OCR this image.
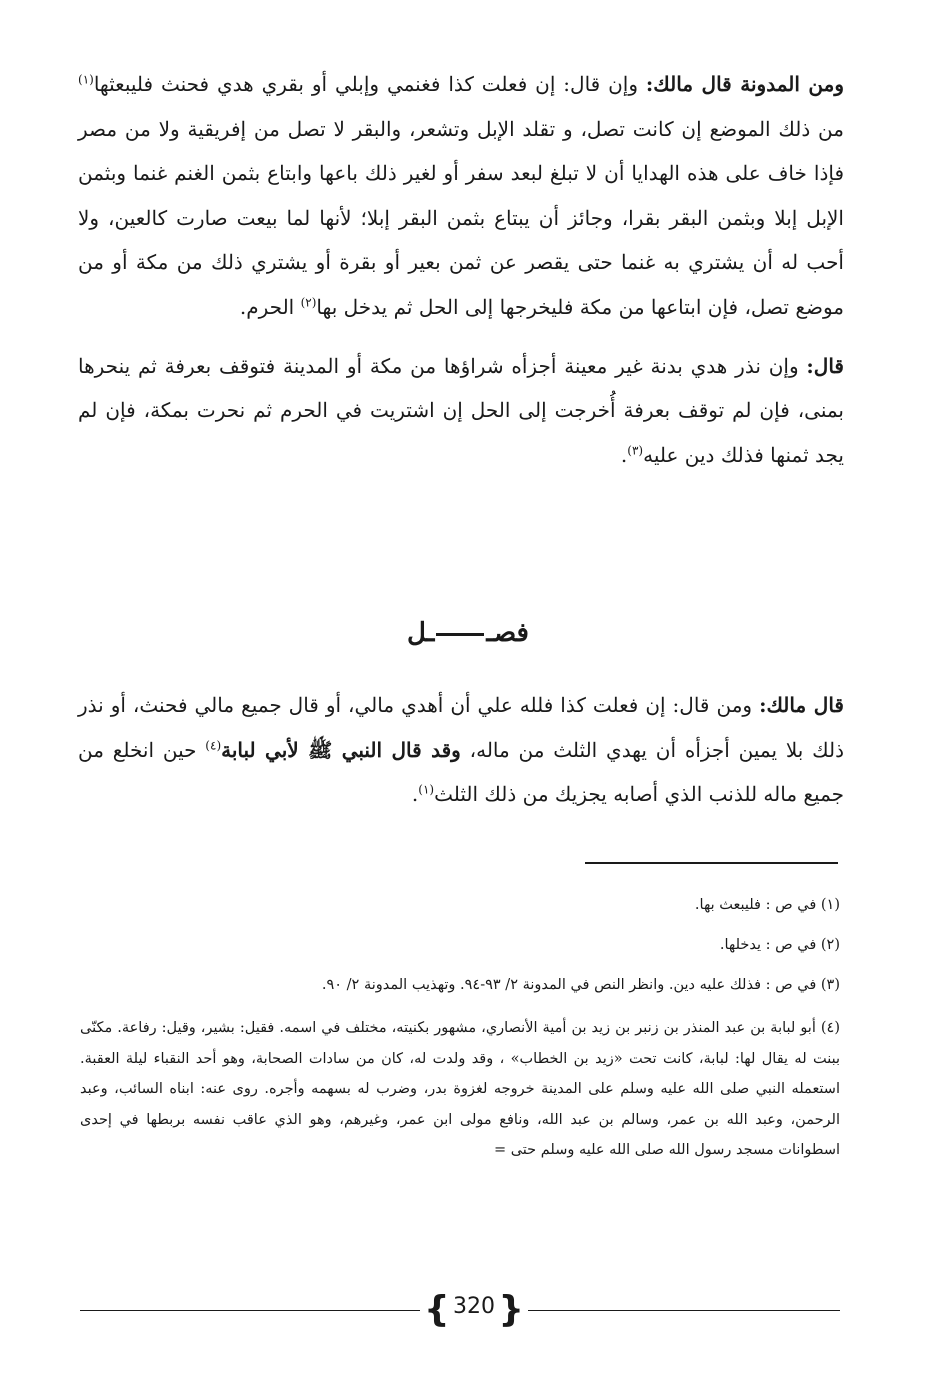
ومن المدونة قال مالك: وإن قال: إن فعلت كذا فغنمي وإبلي أو بقري هدي فحنث فليبعثها$^{(١)}$ من ذلك الموضع إن كانت تصل، و تقلد الإبل وتشعر، والبقر لا تصل من إفريقية ولا من مصر فإذا خاف على هذه الهدايا أن لا تبلغ لبعد سفر أو لغير ذلك باعها وابتاع بثمن الغنم غنما وبثمن الإبل إبلا وبثمن البقر بقرا، وجائز أن يبتاع بثمن البقر إبلا؛ لأنها لما بيعت صارت كالعين، ولا أحب له أن يشتري به غنما حتى يقصر عن ثمن بعير أو بقرة أو يشتري ذلك من مكة أو من موضع تصل، فإن ابتاعها من مكة فليخرجها إلى الحل ثم يدخل بها$^{(٢)}$ الحرم.

قال: وإن نذر هدي بدنة غير معينة أجزأه شراؤها من مكة أو المدينة فتوقف بعرفة ثم ينحرها بمنى، فإن لم توقف بعرفة أُخرجت إلى الحل إن اشتريت في الحرم ثم نحرت بمكة، فإن لم يجد ثمنها فذلك دين عليه$^{(٣)}$.

فصــل

قال مالك: ومن قال: إن فعلت كذا فلله علي أن أهدي مالي، أو قال جميع مالي فحنث، أو نذر ذلك بلا يمين أجزأه أن يهدي الثلث من ماله، وقد قال النبي ﷺ لأبي لبابة$^{(٤)}$ حين انخلع من جميع ماله للذنب الذي أصابه يجزيك من ذلك الثلث$^{(١)}$.

(١) في ص : فليبعث بها.

(٢) في ص : يدخلها.

(٣) في ص : فذلك عليه دين. وانظر النص في المدونة ٢/ ٩٣-٩٤. وتهذيب المدونة ٢/ ٩٠.

(٤) أبو لبابة بن عبد المنذر بن زنبر بن زيد بن أمية الأنصاري، مشهور بكنيته، مختلف في اسمه. فقيل: بشير، وقيل: رفاعة. مكنّى ببنت له يقال لها: لبابة، كانت تحت «زيد بن الخطاب» ، وقد ولدت له، كان من سادات الصحابة، وهو أحد النقباء ليلة العقبة. استعمله النبي صلى الله عليه وسلم على المدينة خروجه لغزوة بدر، وضرب له بسهمه وأجره. روى عنه: ابناه السائب، وعبد الرحمن، وعبد الله بن عمر، وسالم بن عبد الله، ونافع مولى ابن عمر، وغيرهم، وهو الذي عاقب نفسه بربطها في إحدى اسطوانات مسجد رسول الله صلى الله عليه وسلم حتى =

{ 320 }
